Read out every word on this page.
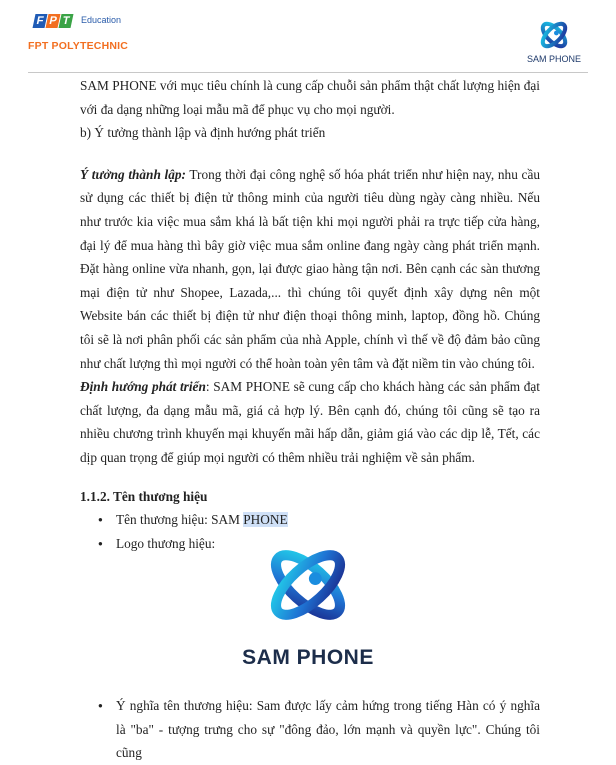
F P T	Education
FPT POLYTECHNIC
SAM PHONE

SAM PHONE với mục tiêu chính là cung cấp chuỗi sản phẩm thật chất lượng hiện đại với đa dạng những loại mẫu mã để phục vụ cho mọi người.

b) Ý tưởng thành lập và định hướng phát triển

Ý tưởng thành lập: Trong thời đại công nghệ số hóa phát triển như hiện nay, nhu cầu sử dụng các thiết bị điện tử thông minh của người tiêu dùng ngày càng nhiều. Nếu như trước kia việc mua sắm khá là bất tiện khi mọi người phải ra trực tiếp cửa hàng, đại lý để mua hàng thì bây giờ việc mua sắm online đang ngày càng phát triển mạnh. Đặt hàng online vừa nhanh, gọn, lại được giao hàng tận nơi. Bên cạnh các sàn thương mại điện tử như Shopee, Lazada,... thì chúng tôi quyết định xây dựng nên một Website bán các thiết bị điện tử như điện thoại thông minh, laptop, đồng hồ. Chúng tôi sẽ là nơi phân phối các sản phẩm của nhà Apple, chính vì thế về độ đảm bảo cũng như chất lượng thì mọi người có thể hoàn toàn yên tâm và đặt niềm tin vào chúng tôi.

Định hướng phát triển: SAM PHONE sẽ cung cấp cho khách hàng các sản phẩm đạt chất lượng, đa dạng mẫu mã, giá cả hợp lý. Bên cạnh đó, chúng tôi cũng sẽ tạo ra nhiều chương trình khuyến mại khuyến mãi hấp dẫn, giảm giá vào các dịp lễ, Tết, các dịp quan trọng để giúp mọi người có thêm nhiều trải nghiệm về sản phẩm.

1.1.2. Tên thương hiệu

● Tên thương hiệu: SAM PHONE
● Logo thương hiệu:
SAM PHONE
● Ý nghĩa tên thương hiệu: Sam được lấy cảm hứng trong tiếng Hàn có ý nghĩa là "ba" - tượng trưng cho sự "đông đảo, lớn mạnh và quyền lực". Chúng tôi cũng
